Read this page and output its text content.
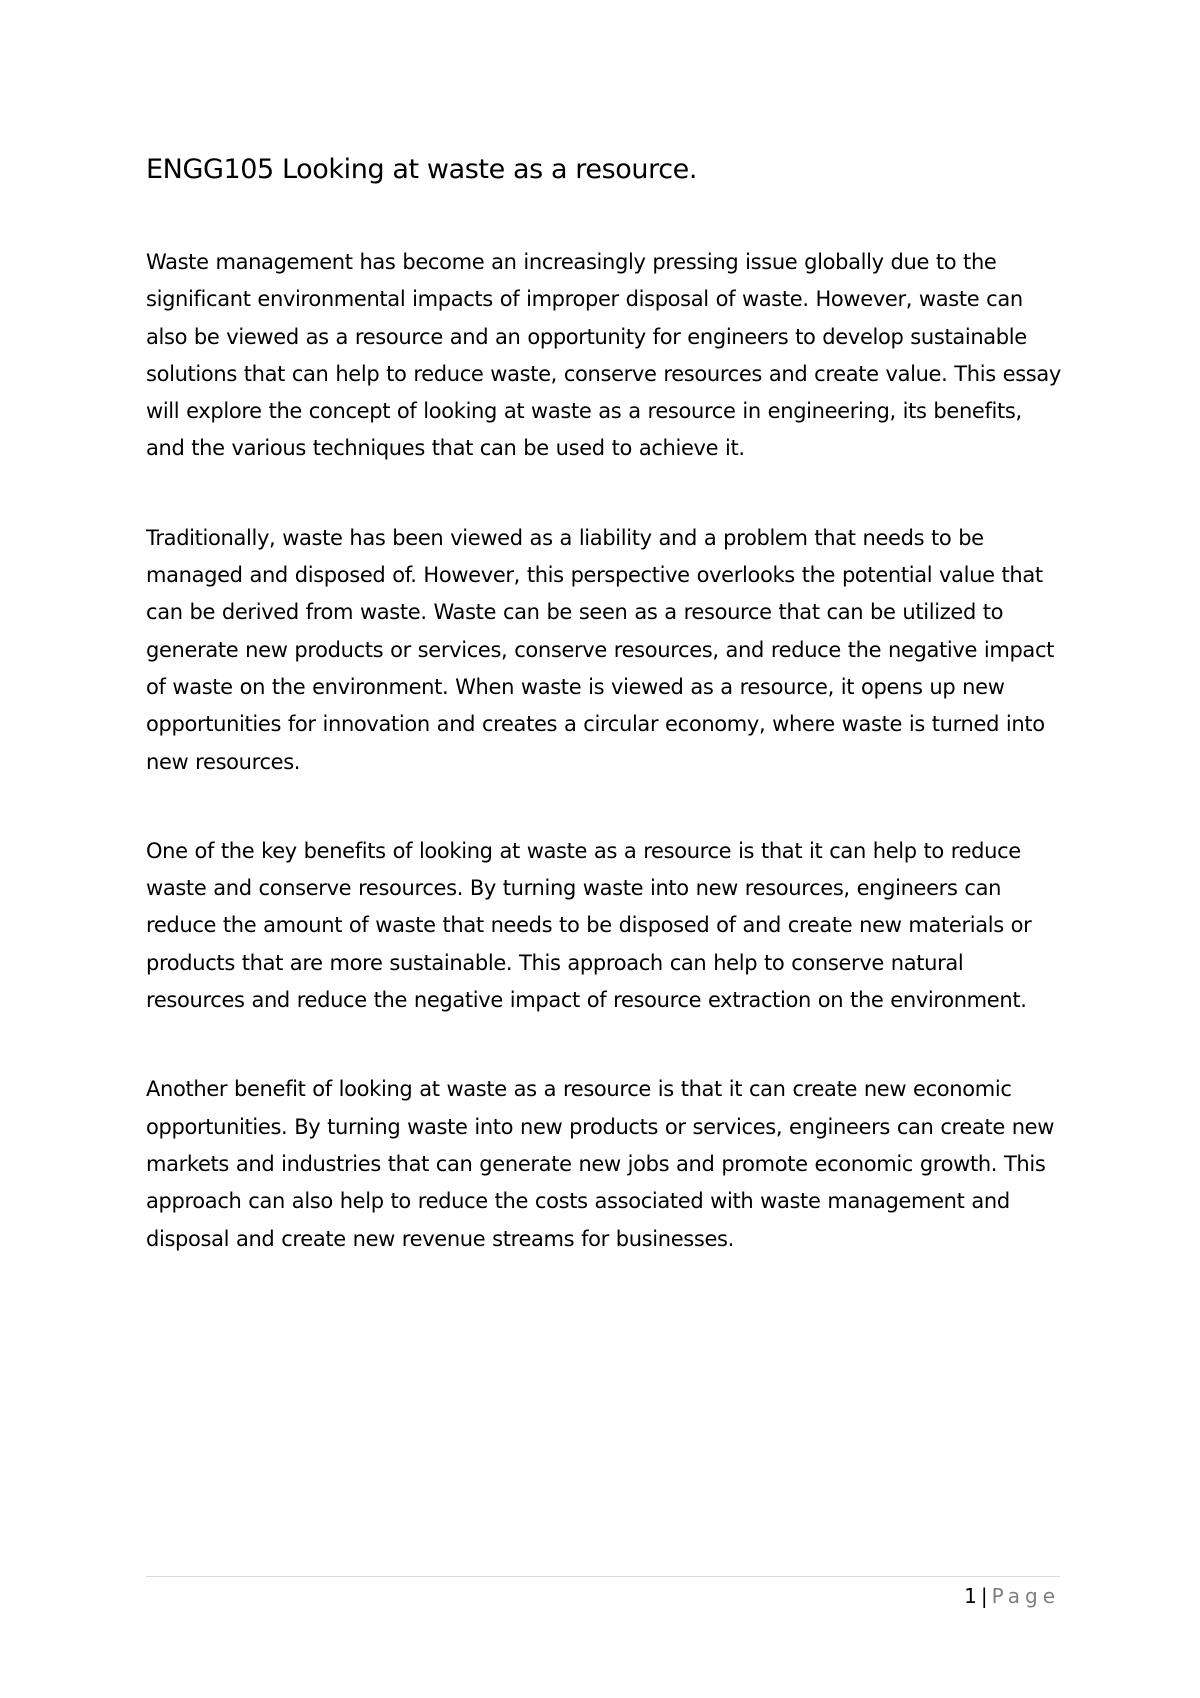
ENGG105 Looking at waste as a resource.

Waste management has become an increasingly pressing issue globally due to the significant environmental impacts of improper disposal of waste. However, waste can also be viewed as a resource and an opportunity for engineers to develop sustainable solutions that can help to reduce waste, conserve resources and create value. This essay will explore the concept of looking at waste as a resource in engineering, its benefits, and the various techniques that can be used to achieve it.

Traditionally, waste has been viewed as a liability and a problem that needs to be managed and disposed of. However, this perspective overlooks the potential value that can be derived from waste. Waste can be seen as a resource that can be utilized to generate new products or services, conserve resources, and reduce the negative impact of waste on the environment. When waste is viewed as a resource, it opens up new opportunities for innovation and creates a circular economy, where waste is turned into new resources.

One of the key benefits of looking at waste as a resource is that it can help to reduce waste and conserve resources. By turning waste into new resources, engineers can reduce the amount of waste that needs to be disposed of and create new materials or products that are more sustainable. This approach can help to conserve natural resources and reduce the negative impact of resource extraction on the environment.

Another benefit of looking at waste as a resource is that it can create new economic opportunities. By turning waste into new products or services, engineers can create new markets and industries that can generate new jobs and promote economic growth. This approach can also help to reduce the costs associated with waste management and disposal and create new revenue streams for businesses.

1 | Page
